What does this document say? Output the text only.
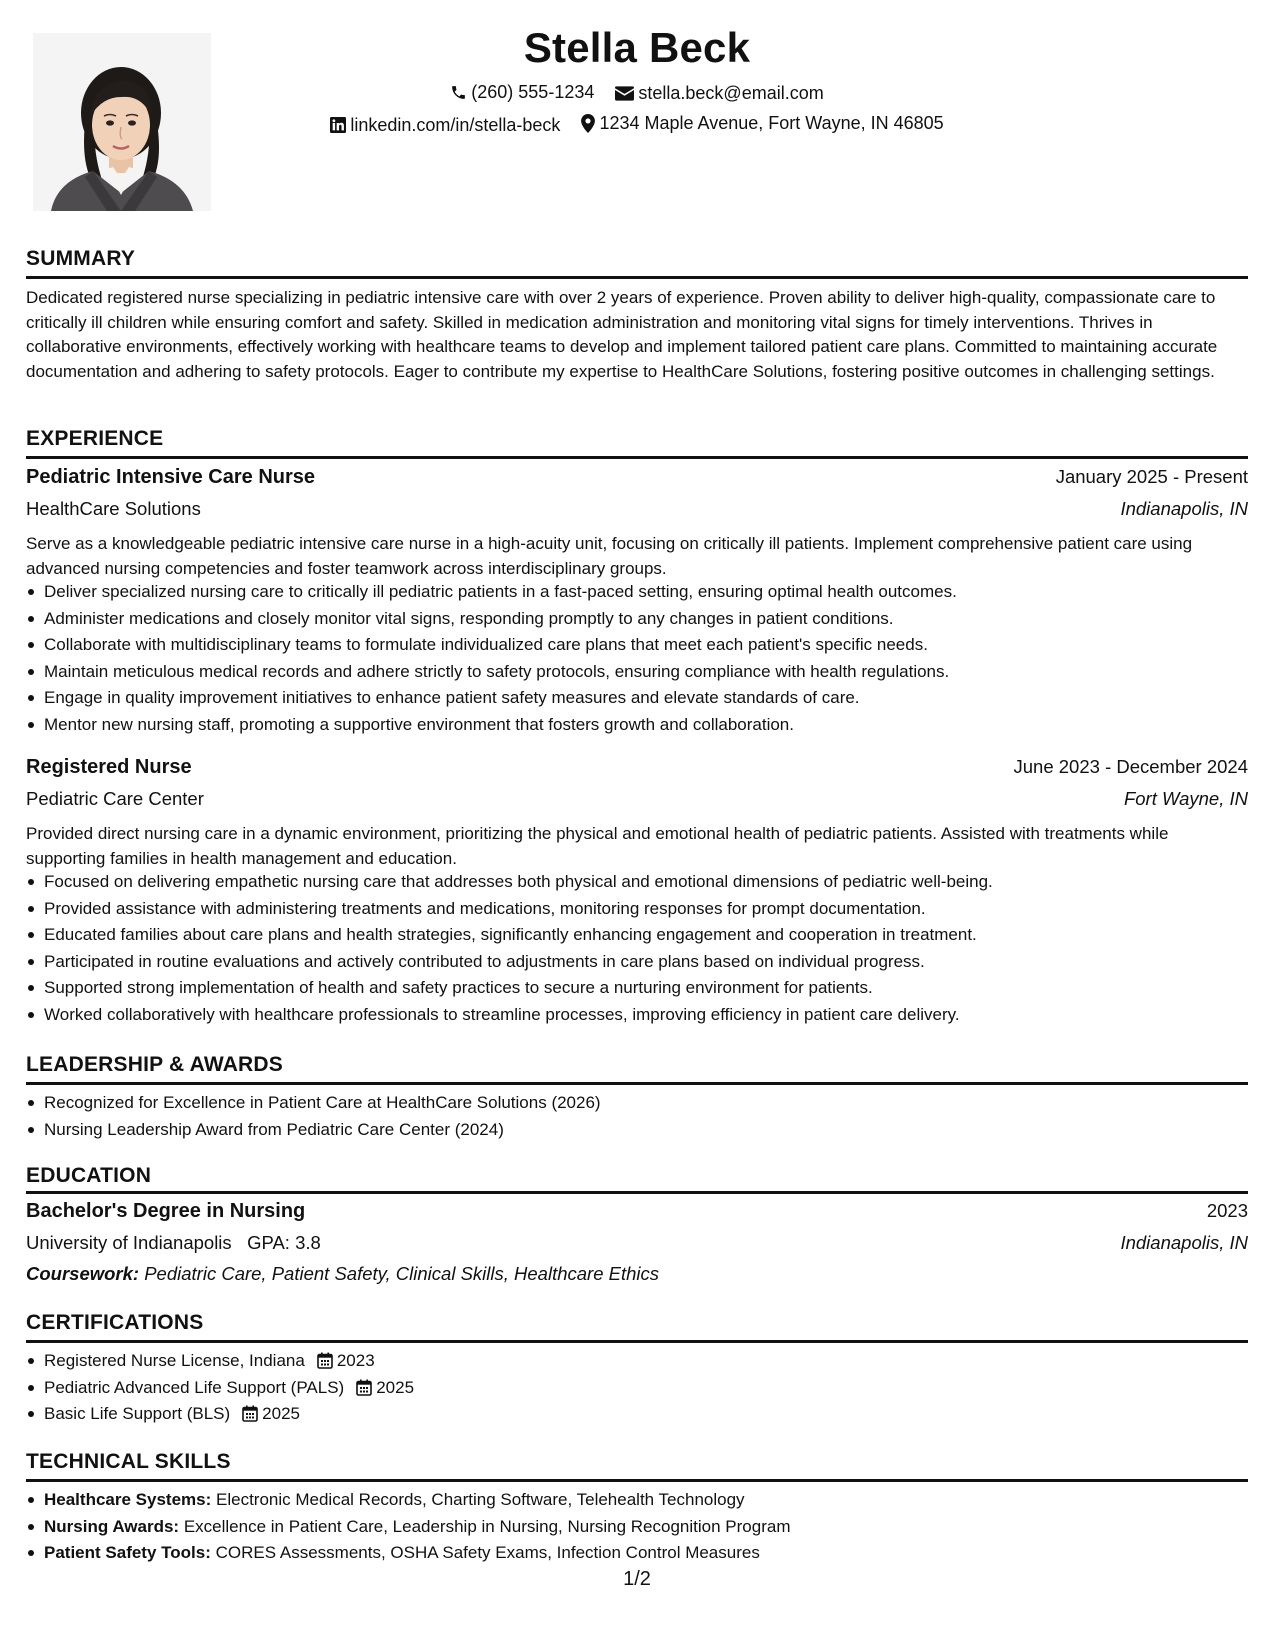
Stella Beck
(260) 555-1234
stella.beck@email.com
linkedin.com/in/stella-beck
1234 Maple Avenue, Fort Wayne, IN 46805
SUMMARY
Dedicated registered nurse specializing in pediatric intensive care with over 2 years of experience. Proven ability to deliver high-quality, compassionate care to critically ill children while ensuring comfort and safety. Skilled in medication administration and monitoring vital signs for timely interventions. Thrives in collaborative environments, effectively working with healthcare teams to develop and implement tailored patient care plans. Committed to maintaining accurate documentation and adhering to safety protocols. Eager to contribute my expertise to HealthCare Solutions, fostering positive outcomes in challenging settings.
EXPERIENCE
Pediatric Intensive Care Nurse	January 2025 - Present
HealthCare Solutions	Indianapolis, IN
Serve as a knowledgeable pediatric intensive care nurse in a high-acuity unit, focusing on critically ill patients. Implement comprehensive patient care using advanced nursing competencies and foster teamwork across interdisciplinary groups.
Deliver specialized nursing care to critically ill pediatric patients in a fast-paced setting, ensuring optimal health outcomes.
Administer medications and closely monitor vital signs, responding promptly to any changes in patient conditions.
Collaborate with multidisciplinary teams to formulate individualized care plans that meet each patient's specific needs.
Maintain meticulous medical records and adhere strictly to safety protocols, ensuring compliance with health regulations.
Engage in quality improvement initiatives to enhance patient safety measures and elevate standards of care.
Mentor new nursing staff, promoting a supportive environment that fosters growth and collaboration.
Registered Nurse	June 2023 - December 2024
Pediatric Care Center	Fort Wayne, IN
Provided direct nursing care in a dynamic environment, prioritizing the physical and emotional health of pediatric patients. Assisted with treatments while supporting families in health management and education.
Focused on delivering empathetic nursing care that addresses both physical and emotional dimensions of pediatric well-being.
Provided assistance with administering treatments and medications, monitoring responses for prompt documentation.
Educated families about care plans and health strategies, significantly enhancing engagement and cooperation in treatment.
Participated in routine evaluations and actively contributed to adjustments in care plans based on individual progress.
Supported strong implementation of health and safety practices to secure a nurturing environment for patients.
Worked collaboratively with healthcare professionals to streamline processes, improving efficiency in patient care delivery.
LEADERSHIP & AWARDS
Recognized for Excellence in Patient Care at HealthCare Solutions (2026)
Nursing Leadership Award from Pediatric Care Center (2024)
EDUCATION
Bachelor's Degree in Nursing	2023
University of Indianapolis GPA: 3.8	Indianapolis, IN
Coursework: Pediatric Care, Patient Safety, Clinical Skills, Healthcare Ethics
CERTIFICATIONS
Registered Nurse License, Indiana 2023
Pediatric Advanced Life Support (PALS) 2025
Basic Life Support (BLS) 2025
TECHNICAL SKILLS
Healthcare Systems: Electronic Medical Records, Charting Software, Telehealth Technology
Nursing Awards: Excellence in Patient Care, Leadership in Nursing, Nursing Recognition Program
Patient Safety Tools: CORES Assessments, OSHA Safety Exams, Infection Control Measures
1/2
